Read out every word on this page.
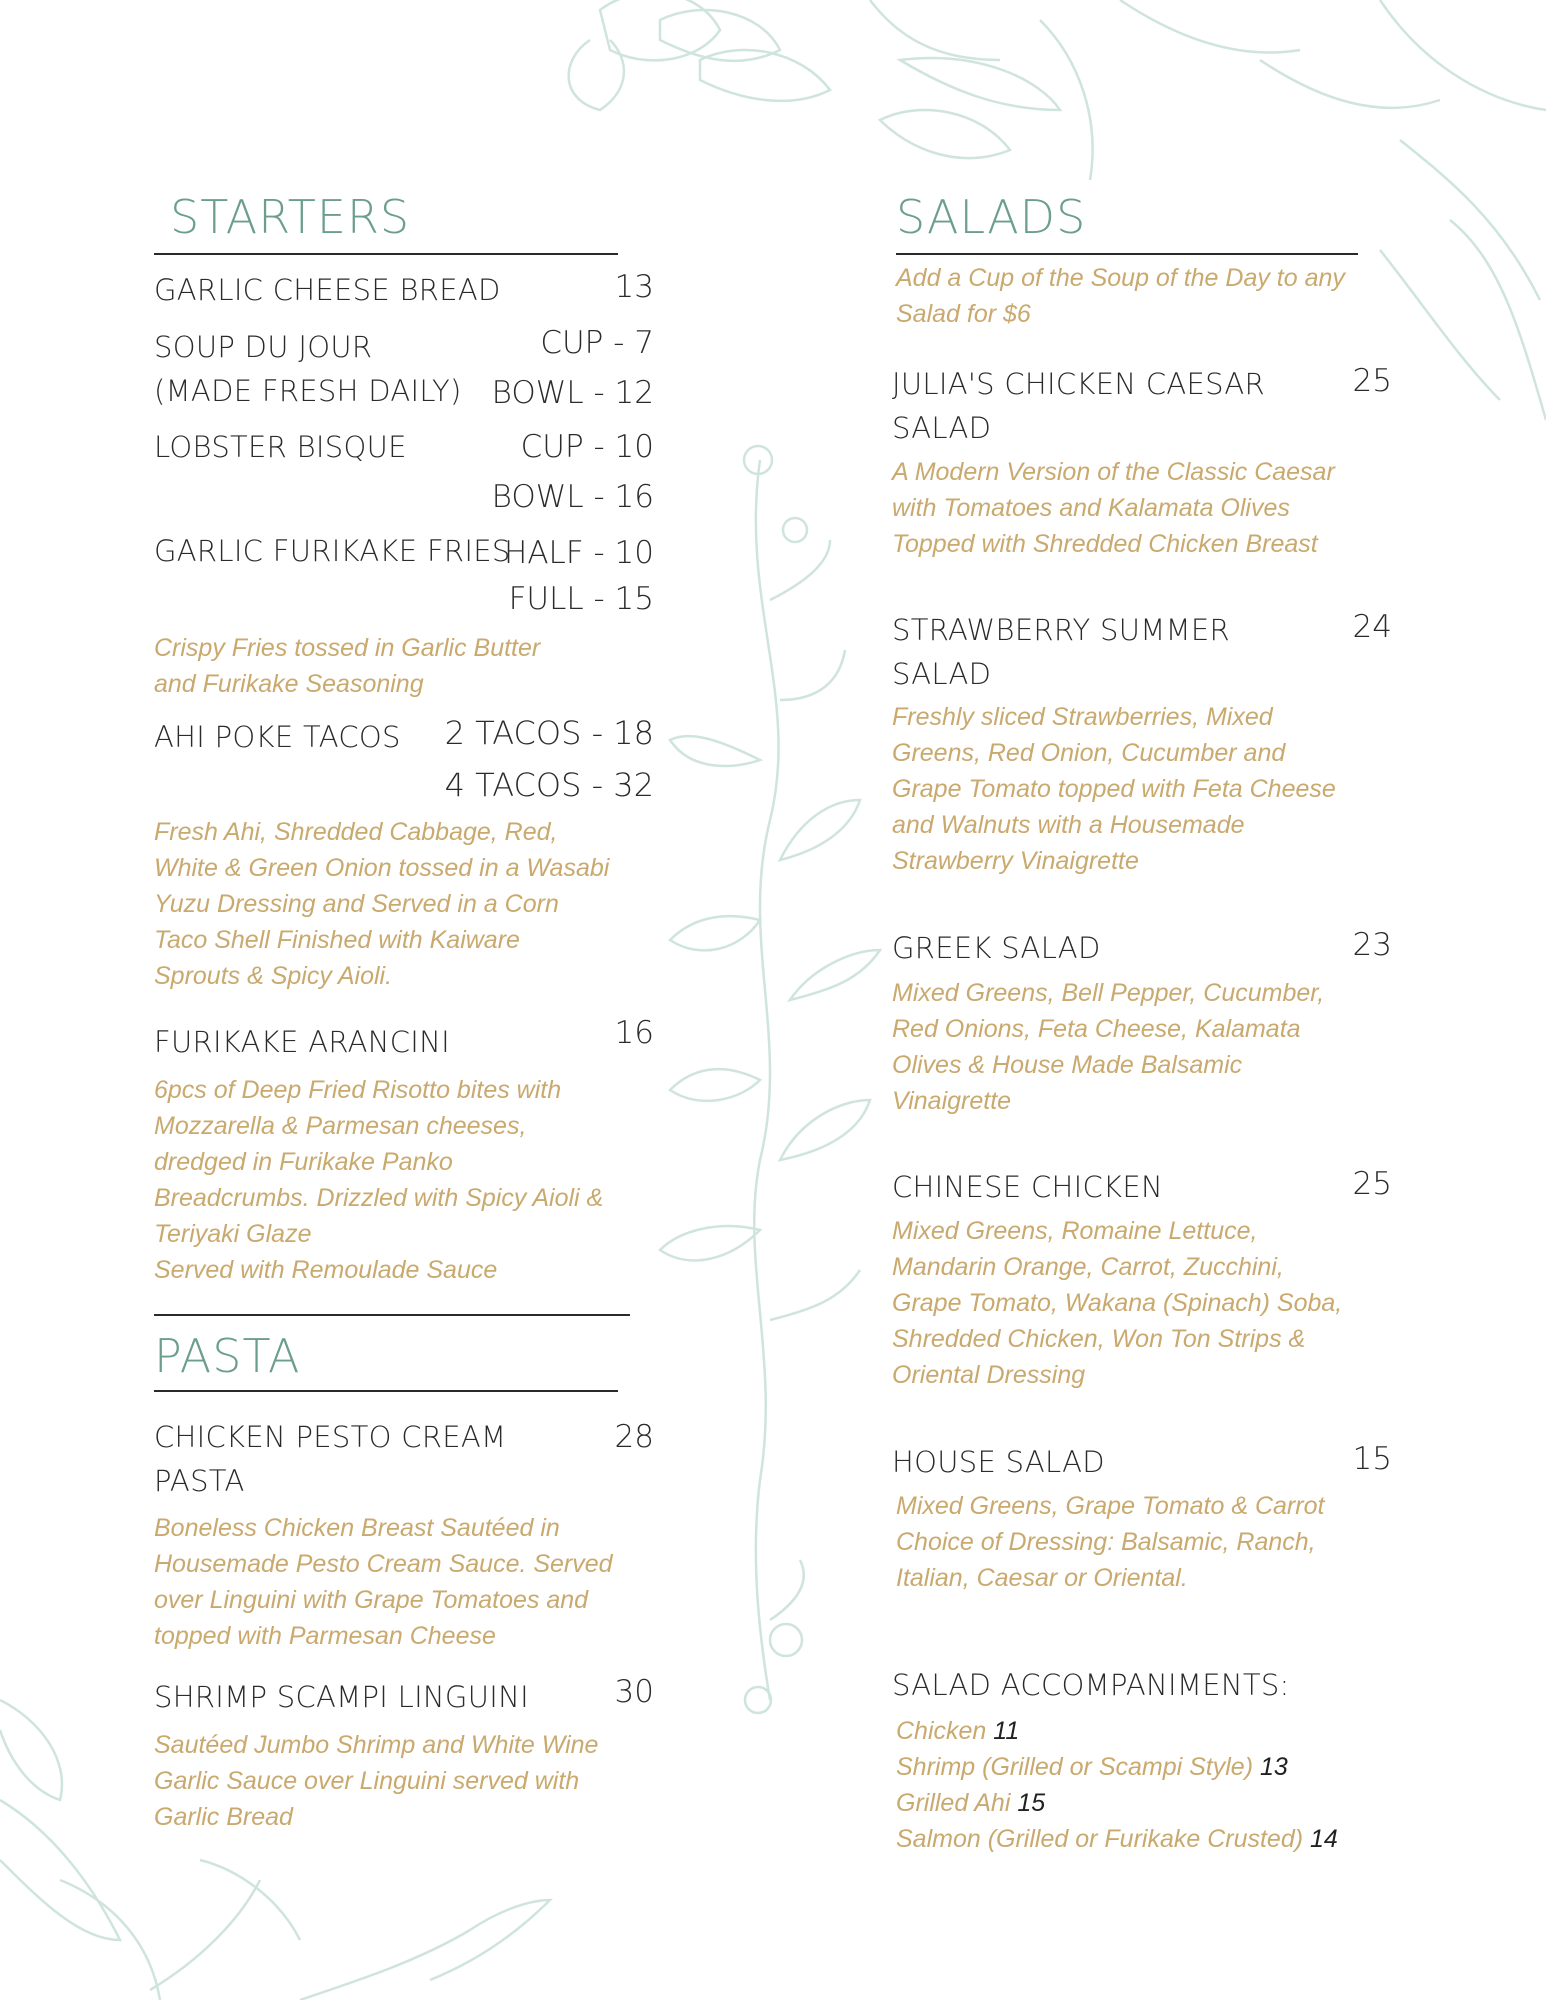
STARTERS
GARLIC CHEESE BREAD	13
SOUP DU JOUR
(MADE FRESH DAILY)
CUP - 7
BOWL - 12
LOBSTER BISQUE	CUP - 10
BOWL - 16
GARLIC FURIKAKE FRIES
HALF - 10
FULL - 15
Crispy Fries tossed in Garlic Butter
and Furikake Seasoning
AHI POKE TACOS 2 TACOS - 18
4 TACOS - 32
Fresh Ahi, Shredded Cabbage, Red,
White & Green Onion tossed in a Wasabi
Yuzu Dressing and Served in a Corn
Taco Shell Finished with Kaiware
Sprouts & Spicy Aioli.
FURIKAKE ARANCINI	16
6pcs of Deep Fried Risotto bites with
Mozzarella & Parmesan cheeses,
dredged in Furikake Panko
Breadcrumbs. Drizzled with Spicy Aioli &
Teriyaki Glaze
Served with Remoulade Sauce
PASTA
CHICKEN PESTO CREAM
PASTA
28
Boneless Chicken Breast Sautéed in
Housemade Pesto Cream Sauce. Served
over Linguini with Grape Tomatoes and
topped with Parmesan Cheese
SHRIMP SCAMPI LINGUINI	30
Sautéed Jumbo Shrimp and White Wine
Garlic Sauce over Linguini served with
Garlic Bread
SALADS
Add a Cup of the Soup of the Day to any
Salad for $6
JULIA'S CHICKEN CAESAR
SALAD
25
A Modern Version of the Classic Caesar
with Tomatoes and Kalamata Olives
Topped with Shredded Chicken Breast
STRAWBERRY SUMMER
SALAD
24
Freshly sliced Strawberries, Mixed
Greens, Red Onion, Cucumber and
Grape Tomato topped with Feta Cheese
and Walnuts with a Housemade
Strawberry Vinaigrette
GREEK SALAD	23
Mixed Greens, Bell Pepper, Cucumber,
Red Onions, Feta Cheese, Kalamata
Olives & House Made Balsamic
Vinaigrette
CHINESE CHICKEN	25
Mixed Greens, Romaine Lettuce,
Mandarin Orange, Carrot, Zucchini,
Grape Tomato, Wakana (Spinach) Soba,
Shredded Chicken, Won Ton Strips &
Oriental Dressing
HOUSE SALAD	15
Mixed Greens, Grape Tomato & Carrot
Choice of Dressing: Balsamic, Ranch,
Italian, Caesar or Oriental.
SALAD ACCOMPANIMENTS:
Chicken 11
Shrimp (Grilled or Scampi Style) 13
Grilled Ahi 15
Salmon (Grilled or Furikake Crusted) 14
